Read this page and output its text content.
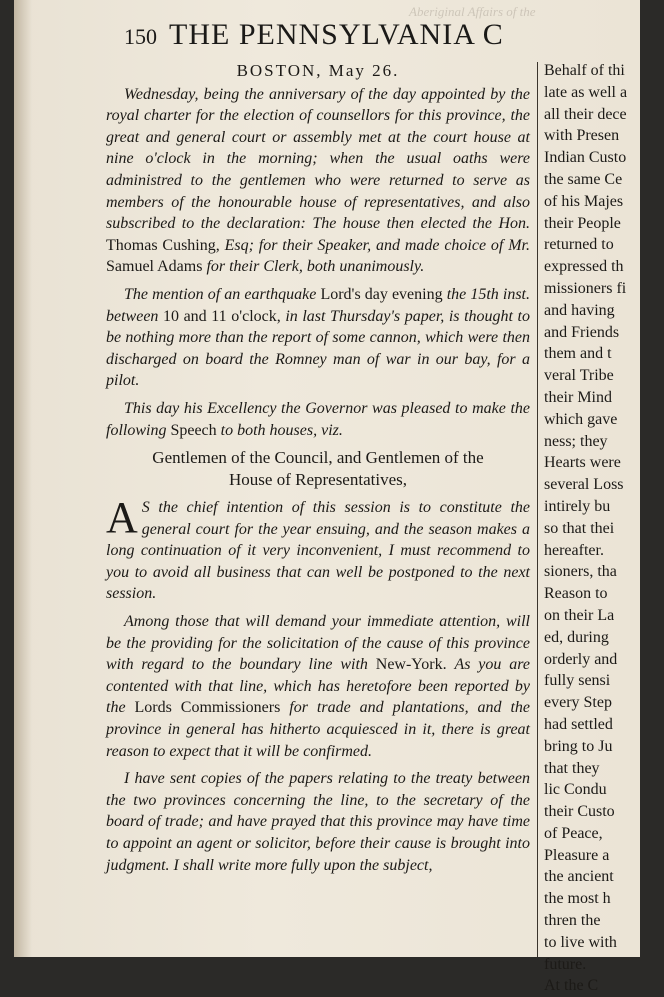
Aberiginal Affairs of the
150 THE PENNSYLVANIA C
BOSTON, May 26.

Wednesday, being the anniversary of the day appointed by the royal charter for the election of counsellors for this province, the great and general court or assembly met at the court house at nine o'clock in the morning; when the usual oaths were administred to the gentlemen who were returned to serve as members of the honourable house of representatives, and also subscribed to the declaration: The house then elected the Hon. Thomas Cushing, Esq; for their Speaker, and made choice of Mr. Samuel Adams for their Clerk, both unanimously.

The mention of an earthquake Lord's day evening the 15th inst. between 10 and 11 o'clock, in last Thursday's paper, is thought to be nothing more than the report of some cannon, which were then discharged on board the Romney man of war in our bay, for a pilot.

This day his Excellency the Governor was pleased to make the following Speech to both houses, viz.

Gentlemen of the Council, and Gentlemen of the
House of Representatives,

A S the chief intention of this session is to constitute the general court for the year ensuing, and the season makes a long continuation of it very inconvenient, I must recommend to you to avoid all business that can well be postponed to the next session.

Among those that will demand your immediate attention, will be the providing for the solicitation of the cause of this province with regard to the boundary line with New-York. As you are contented with that line, which has heretofore been reported by the Lords Commissioners for trade and plantations, and the province in general has hitherto acquiesced in it, there is great reason to expect that it will be confirmed.

I have sent copies of the papers relating to the treaty between the two provinces concerning the line, to the secretary of the board of trade; and have prayed that this province may have time to appoint an agent or solicitor, before their cause is brought into judgment. I shall write more fully upon the subject,

Behalf of thi
late as well a
all their dece
with Presen
Indian Custo
the same Ce
of his Majes
their People
returned to
expressed th
missioners fi
and having
and Friends
them and t
veral Tribe
their Mind
which gave
ness; they
Hearts were
several Loss
intirely bu
so that thei
hereafter.
sioners, tha
Reason to
on their La
ed, during
orderly and
fully sensi
every Step
had settled
bring to Ju
that they
lic Condu
their Custo
of Peace,
Pleasure a
the ancient
the most h
thren the
to live with
future.
At the C
